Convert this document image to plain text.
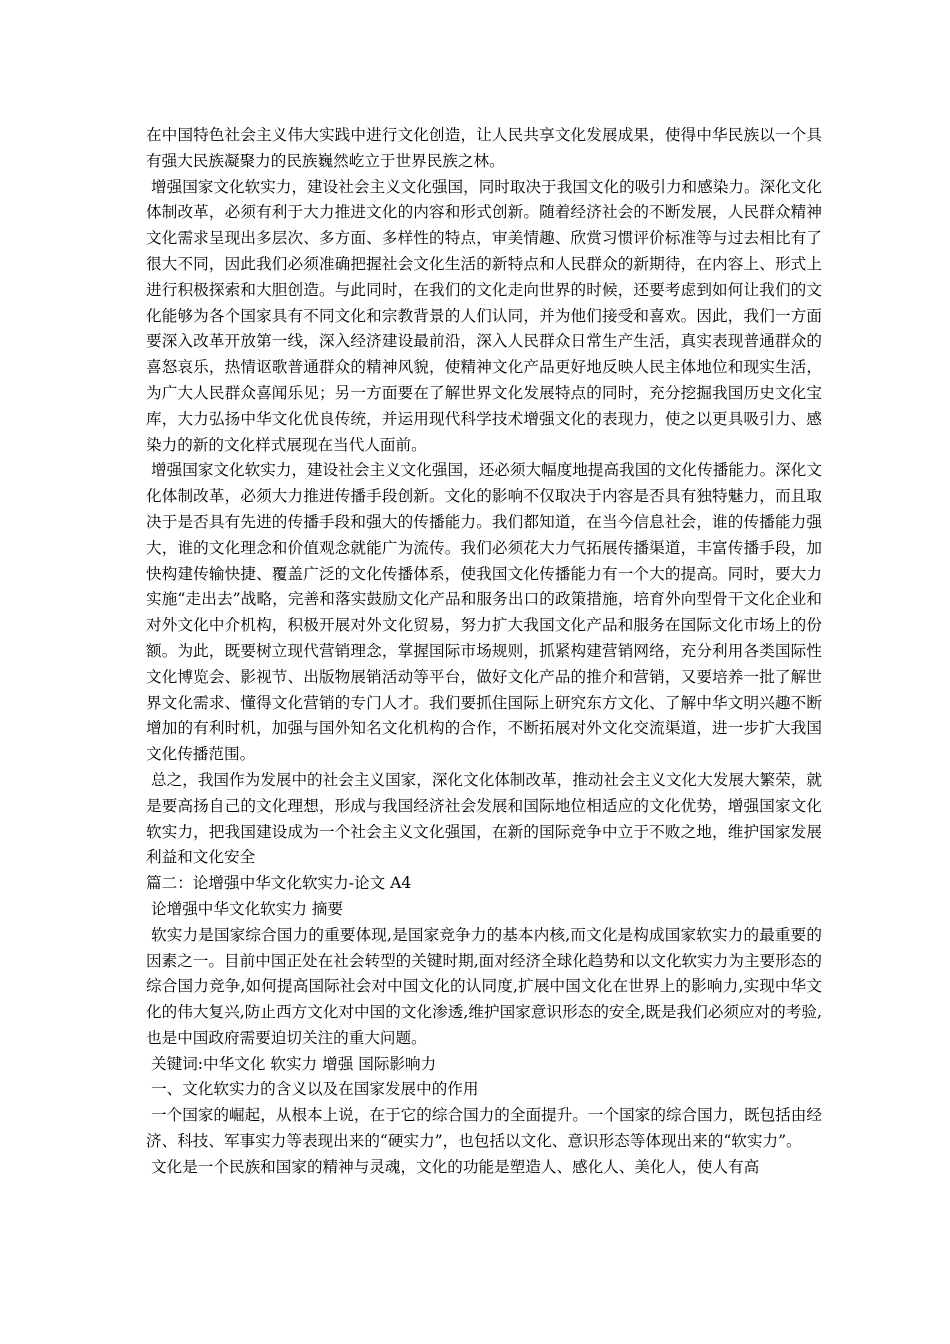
在中国特色社会主义伟大实践中进行文化创造，让人民共享文化发展成果，使得中华民族以一个具有强大民族凝聚力的民族巍然屹立于世界民族之林。

增强国家文化软实力，建设社会主义文化强国，同时取决于我国文化的吸引力和感染力。深化文化体制改革，必须有利于大力推进文化的内容和形式创新。随着经济社会的不断发展，人民群众精神文化需求呈现出多层次、多方面、多样性的特点，审美情趣、欣赏习惯评价标准等与过去相比有了很大不同，因此我们必须准确把握社会文化生活的新特点和人民群众的新期待，在内容上、形式上进行积极探索和大胆创造。与此同时，在我们的文化走向世界的时候，还要考虑到如何让我们的文化能够为各个国家具有不同文化和宗教背景的人们认同，并为他们接受和喜欢。因此，我们一方面要深入改革开放第一线，深入经济建设最前沿，深入人民群众日常生产生活，真实表现普通群众的喜怒哀乐，热情讴歌普通群众的精神风貌，使精神文化产品更好地反映人民主体地位和现实生活，为广大人民群众喜闻乐见；另一方面要在了解世界文化发展特点的同时，充分挖掘我国历史文化宝库，大力弘扬中华文化优良传统，并运用现代科学技术增强文化的表现力，使之以更具吸引力、感染力的新的文化样式展现在当代人面前。

增强国家文化软实力，建设社会主义文化强国，还必须大幅度地提高我国的文化传播能力。深化文化体制改革，必须大力推进传播手段创新。文化的影响不仅取决于内容是否具有独特魅力，而且取决于是否具有先进的传播手段和强大的传播能力。我们都知道，在当今信息社会，谁的传播能力强大，谁的文化理念和价值观念就能广为流传。我们必须花大力气拓展传播渠道，丰富传播手段，加快构建传输快捷、覆盖广泛的文化传播体系，使我国文化传播能力有一个大的提高。同时，要大力实施“走出去”战略，完善和落实鼓励文化产品和服务出口的政策措施，培育外向型骨干文化企业和对外文化中介机构，积极开展对外文化贸易，努力扩大我国文化产品和服务在国际文化市场上的份额。为此，既要树立现代营销理念，掌握国际市场规则，抓紧构建营销网络，充分利用各类国际性文化博览会、影视节、出版物展销活动等平台，做好文化产品的推介和营销，又要培养一批了解世界文化需求、懂得文化营销的专门人才。我们要抓住国际上研究东方文化、了解中华文明兴趣不断增加的有利时机，加强与国外知名文化机构的合作，不断拓展对外文化交流渠道，进一步扩大我国文化传播范围。

总之，我国作为发展中的社会主义国家，深化文化体制改革，推动社会主义文化大发展大繁荣，就是要高扬自己的文化理想，形成与我国经济社会发展和国际地位相适应的文化优势，增强国家文化软实力，把我国建设成为一个社会主义文化强国，在新的国际竞争中立于不败之地，维护国家发展利益和文化安全

篇二：论增强中华文化软实力-论文 A4

论增强中华文化软实力 摘要

软实力是国家综合国力的重要体现,是国家竞争力的基本内核,而文化是构成国家软实力的最重要的因素之一。目前中国正处在社会转型的关键时期,面对经济全球化趋势和以文化软实力为主要形态的综合国力竞争,如何提高国际社会对中国文化的认同度,扩展中国文化在世界上的影响力,实现中华文化的伟大复兴,防止西方文化对中国的文化渗透,维护国家意识形态的安全,既是我们必须应对的考验,也是中国政府需要迫切关注的重大问题。

关键词:中华文化 软实力 增强 国际影响力

一、文化软实力的含义以及在国家发展中的作用

一个国家的崛起，从根本上说，在于它的综合国力的全面提升。一个国家的综合国力，既包括由经济、科技、军事实力等表现出来的“硬实力”，也包括以文化、意识形态等体现出来的“软实力”。

文化是一个民族和国家的精神与灵魂，文化的功能是塑造人、感化人、美化人，使人有高
